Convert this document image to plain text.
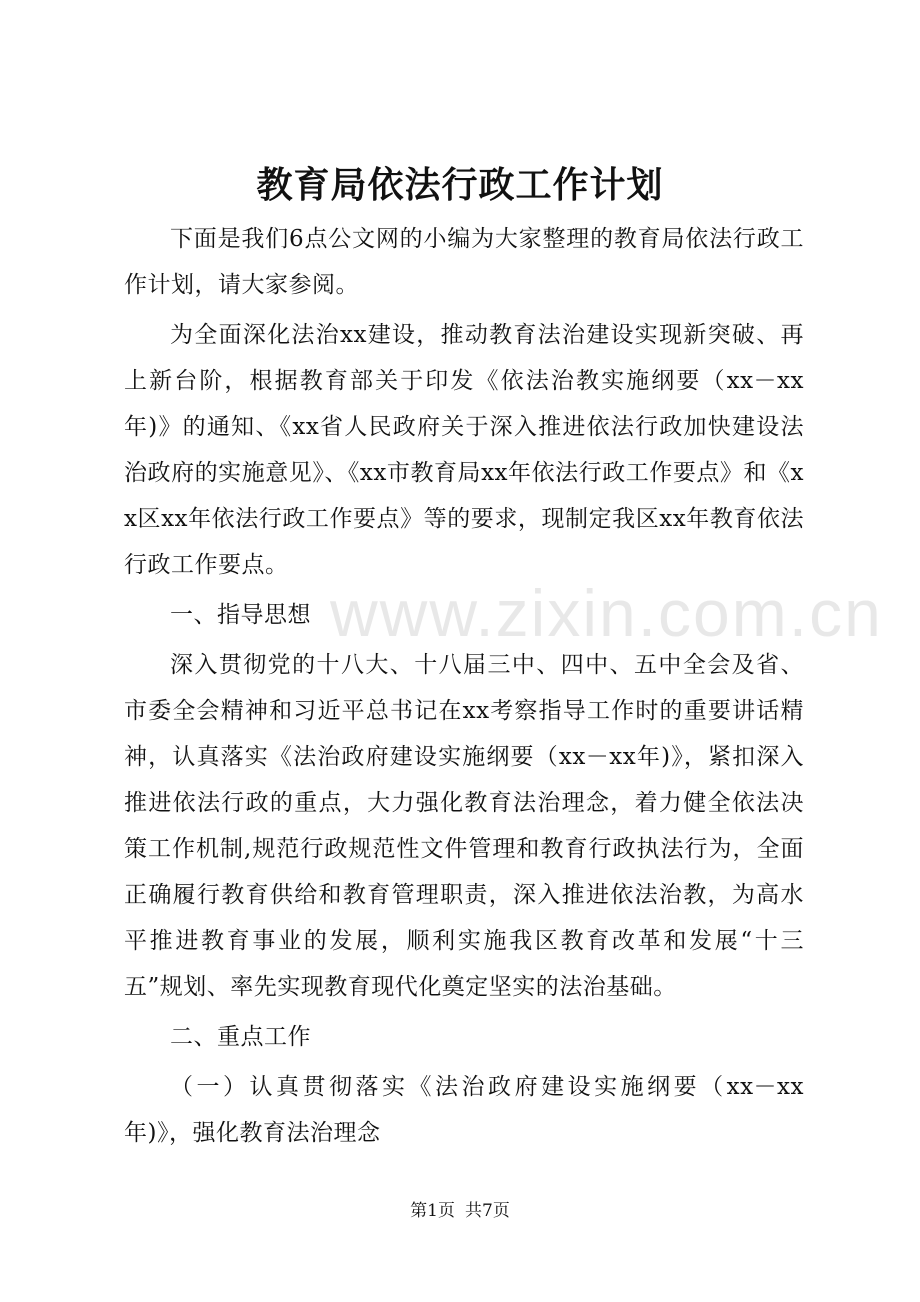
教育局依法行政工作计划

下面是我们6点公文网的小编为大家整理的教育局依法行政工作计划，请大家参阅。

为全面深化法治xx建设，推动教育法治建设实现新突破、再上新台阶，根据教育部关于印发《依法治教实施纲要（xx－xx年)》的通知、《xx省人民政府关于深入推进依法行政加快建设法治政府的实施意见》、《xx市教育局xx年依法行政工作要点》和《xx区xx年依法行政工作要点》等的要求，现制定我区xx年教育依法行政工作要点。

一、指导思想

深入贯彻党的十八大、十八届三中、四中、五中全会及省、市委全会精神和习近平总书记在xx考察指导工作时的重要讲话精神，认真落实《法治政府建设实施纲要（xx－xx年)》，紧扣深入推进依法行政的重点，大力强化教育法治理念，着力健全依法决策工作机制,规范行政规范性文件管理和教育行政执法行为，全面正确履行教育供给和教育管理职责，深入推进依法治教，为高水平推进教育事业的发展，顺利实施我区教育改革和发展“十三五”规划、率先实现教育现代化奠定坚实的法治基础。

二、重点工作

（一）认真贯彻落实《法治政府建设实施纲要（xx－xx年)》，强化教育法治理念

www.zixin.com.cn
第1页 共7页
